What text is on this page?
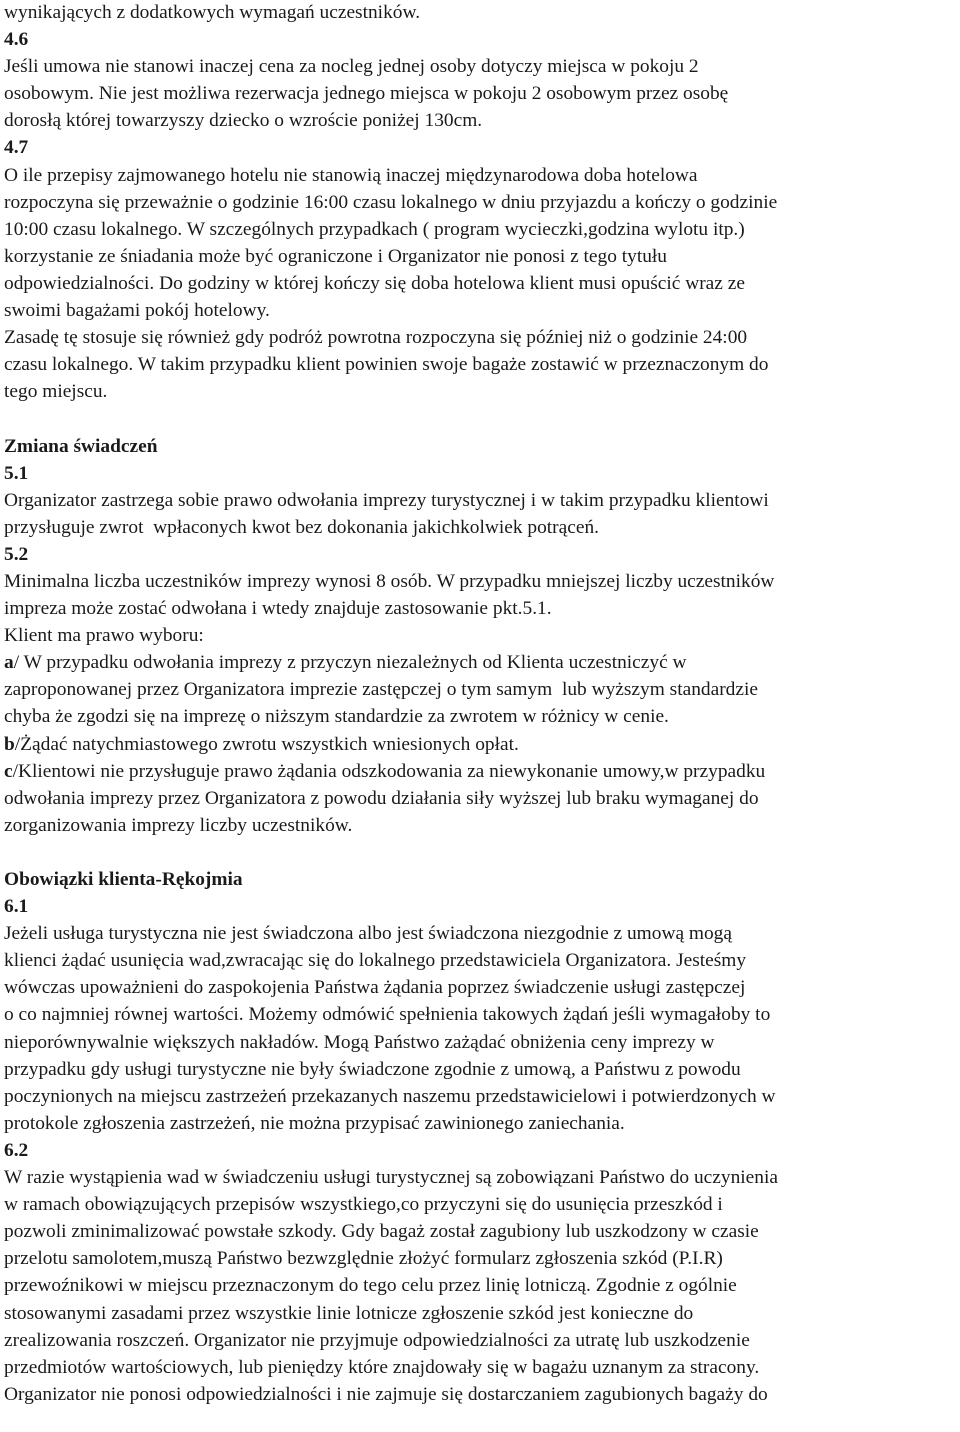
wynikających z dodatkowych wymagań uczestników.
4.6
Jeśli umowa nie stanowi inaczej cena za nocleg jednej osoby dotyczy miejsca w pokoju 2
osobowym. Nie jest możliwa rezerwacja jednego miejsca w pokoju 2 osobowym przez osobę
dorosłą której towarzyszy dziecko o wzroście poniżej 130cm.
4.7
O ile przepisy zajmowanego hotelu nie stanowią inaczej międzynarodowa doba hotelowa
rozpoczyna się przeważnie o godzinie 16:00 czasu lokalnego w dniu przyjazdu a kończy o godzinie
10:00 czasu lokalnego. W szczególnych przypadkach ( program wycieczki,godzina wylotu itp.)
korzystanie ze śniadania może być ograniczone i Organizator nie ponosi z tego tytułu
odpowiedzialności. Do godziny w której kończy się doba hotelowa klient musi opuścić wraz ze
swoimi bagażami pokój hotelowy.
Zasadę tę stosuje się również gdy podróż powrotna rozpoczyna się później niż o godzinie 24:00
czasu lokalnego. W takim przypadku klient powinien swoje bagaże zostawić w przeznaczonym do
tego miejscu.
Zmiana świadczeń
5.1
Organizator zastrzega sobie prawo odwołania imprezy turystycznej i w takim przypadku klientowi
przysługuje zwrot  wpłaconych kwot bez dokonania jakichkolwiek potrąceń.
5.2
Minimalna liczba uczestników imprezy wynosi 8 osób. W przypadku mniejszej liczby uczestników
impreza może zostać odwołana i wtedy znajduje zastosowanie pkt.5.1.
Klient ma prawo wyboru:
a/ W przypadku odwołania imprezy z przyczyn niezależnych od Klienta uczestniczyć w
zaproponowanej przez Organizatora imprezie zastępczej o tym samym  lub wyższym standardzie
chyba że zgodzi się na imprezę o niższym standardzie za zwrotem w różnicy w cenie.
b/Żądać natychmiastowego zwrotu wszystkich wniesionych opłat.
c/Klientowi nie przysługuje prawo żądania odszkodowania za niewykonanie umowy,w przypadku
odwołania imprezy przez Organizatora z powodu działania siły wyższej lub braku wymaganej do
zorganizowania imprezy liczby uczestników.
Obowiązki klienta-Rękojmia
6.1
Jeżeli usługa turystyczna nie jest świadczona albo jest świadczona niezgodnie z umową mogą
klienci żądać usunięcia wad,zwracając się do lokalnego przedstawiciela Organizatora. Jesteśmy
wówczas upoważnieni do zaspokojenia Państwa żądania poprzez świadczenie usługi zastępczej
o co najmniej równej wartości. Możemy odmówić spełnienia takowych żądań jeśli wymagałoby to
nieporównywalnie większych nakładów. Mogą Państwo zażądać obniżenia ceny imprezy w
przypadku gdy usługi turystyczne nie były świadczone zgodnie z umową, a Państwu z powodu
poczynionych na miejscu zastrzeżeń przekazanych naszemu przedstawicielowi i potwierdzonych w
protokole zgłoszenia zastrzeżeń, nie można przypisać zawinionego zaniechania.
6.2
W razie wystąpienia wad w świadczeniu usługi turystycznej są zobowiązani Państwo do uczynienia
w ramach obowiązujących przepisów wszystkiego,co przyczyni się do usunięcia przeszkód i
pozwoli zminimalizować powstałe szkody. Gdy bagaż został zagubiony lub uszkodzony w czasie
przelotu samolotem,muszą Państwo bezwzględnie złożyć formularz zgłoszenia szkód (P.I.R)
przewoźnikowi w miejscu przeznaczonym do tego celu przez linię lotniczą. Zgodnie z ogólnie
stosowanymi zasadami przez wszystkie linie lotnicze zgłoszenie szkód jest konieczne do
zrealizowania roszczeń. Organizator nie przyjmuje odpowiedzialności za utratę lub uszkodzenie
przedmiotów wartościowych, lub pieniędzy które znajdowały się w bagażu uznanym za stracony.
Organizator nie ponosi odpowiedzialności i nie zajmuje się dostarczaniem zagubionych bagaży do
